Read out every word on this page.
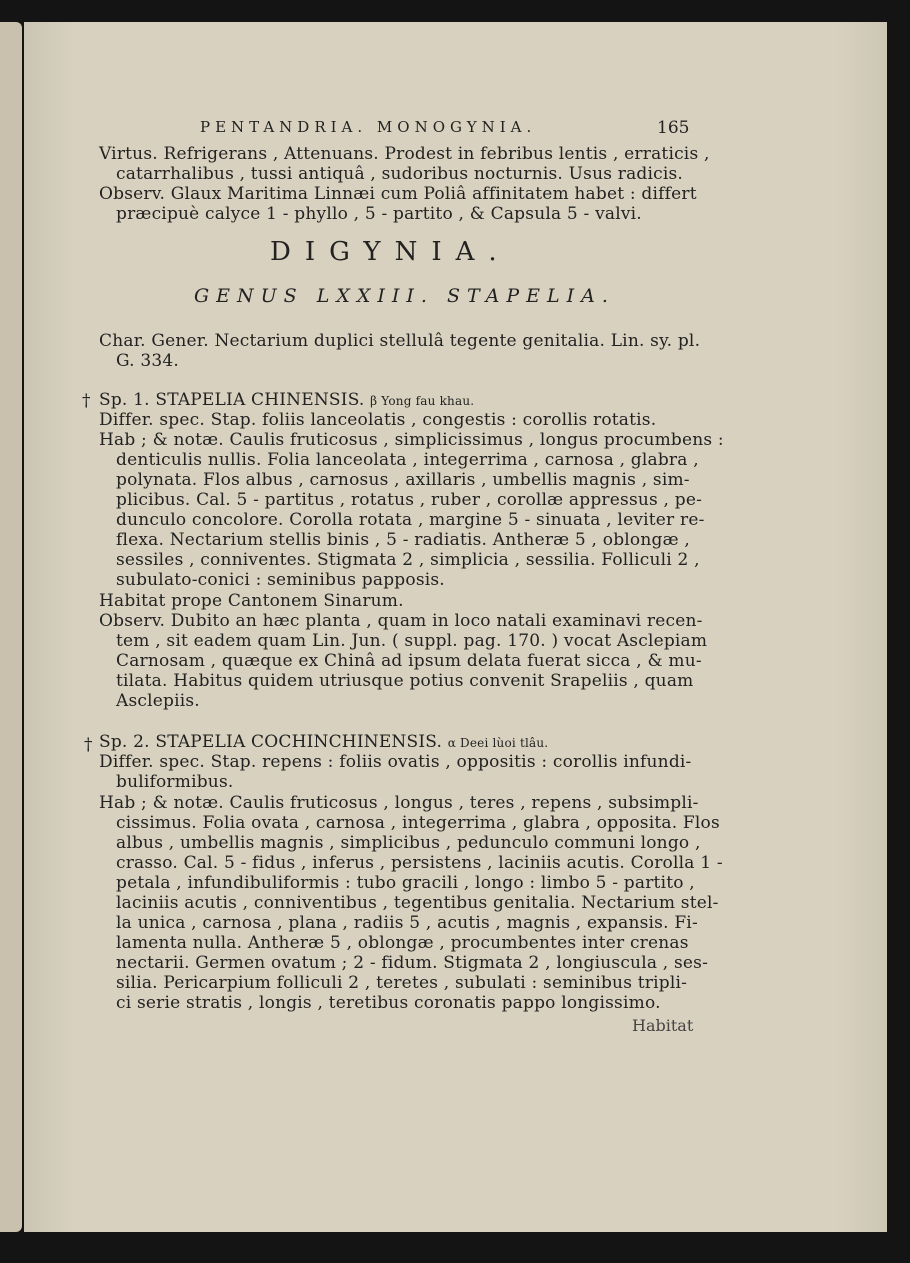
PENTANDRIA. MONOGYNIA.	165
Virtus. Refrigerans , Attenuans. Prodest in febribus lentis , erraticis ,
catarrhalibus , tussi antiquâ , sudoribus nocturnis. Usus radicis.
Observ. Glaux Maritima Linnæi cum Poliâ affinitatem habet : differt
præcipuè calyce 1 - phyllo , 5 - partito , & Capsula 5 - valvi.
DIGYNIA.
GENUS LXXIII. STAPELIA.
Char. Gener. Nectarium duplici stellulâ tegente genitalia. Lin. sy. pl.
G. 334.
† Sp. 1. STAPELIA CHINENSIS. β Yong fau khau.
Differ. spec. Stap. foliis lanceolatis , congestis : corollis rotatis.
Hab ; & notæ. Caulis fruticosus , simplicissimus , longus procumbens :
denticulis nullis. Folia lanceolata , integerrima , carnosa , glabra ,
polynata. Flos albus , carnosus , axillaris , umbellis magnis , sim-
plicibus. Cal. 5 - partitus , rotatus , ruber , corollæ appressus , pe-
dunculo concolore. Corolla rotata , margine 5 - sinuata , leviter re-
flexa. Nectarium stellis binis , 5 - radiatis. Antheræ 5 , oblongæ ,
sessiles , conniventes. Stigmata 2 , simplicia , sessilia. Folliculi 2 ,
subulato-conici : seminibus papposis.
Habitat prope Cantonem Sinarum.
Observ. Dubito an hæc planta , quam in loco natali examinavi recen-
tem , sit eadem quam Lin. Jun. ( suppl. pag. 170. ) vocat Asclepiam
Carnosam , quæque ex Chinâ ad ipsum delata fuerat sicca , & mu-
tilata. Habitus quidem utriusque potius convenit Srapeliis , quam
Asclepiis.
† Sp. 2. STAPELIA COCHINCHINENSIS. α Deei lùoi tlâu.
Differ. spec. Stap. repens : foliis ovatis , oppositis : corollis infundi-
buliformibus.
Hab ; & notæ. Caulis fruticosus , longus , teres , repens , subsimpli-
cissimus. Folia ovata , carnosa , integerrima , glabra , opposita. Flos
albus , umbellis magnis , simplicibus , pedunculo communi longo ,
crasso. Cal. 5 - fidus , inferus , persistens , laciniis acutis. Corolla 1 -
petala , infundibuliformis : tubo gracili , longo : limbo 5 - partito ,
laciniis acutis , conniventibus , tegentibus genitalia. Nectarium stel-
la unica , carnosa , plana , radiis 5 , acutis , magnis , expansis. Fi-
lamenta nulla. Antheræ 5 , oblongæ , procumbentes inter crenas
nectarii. Germen ovatum ; 2 - fidum. Stigmata 2 , longiuscula , ses-
silia. Pericarpium folliculi 2 , teretes , subulati : seminibus tripli-
ci serie stratis , longis , teretibus coronatis pappo longissimo.
Habitat
